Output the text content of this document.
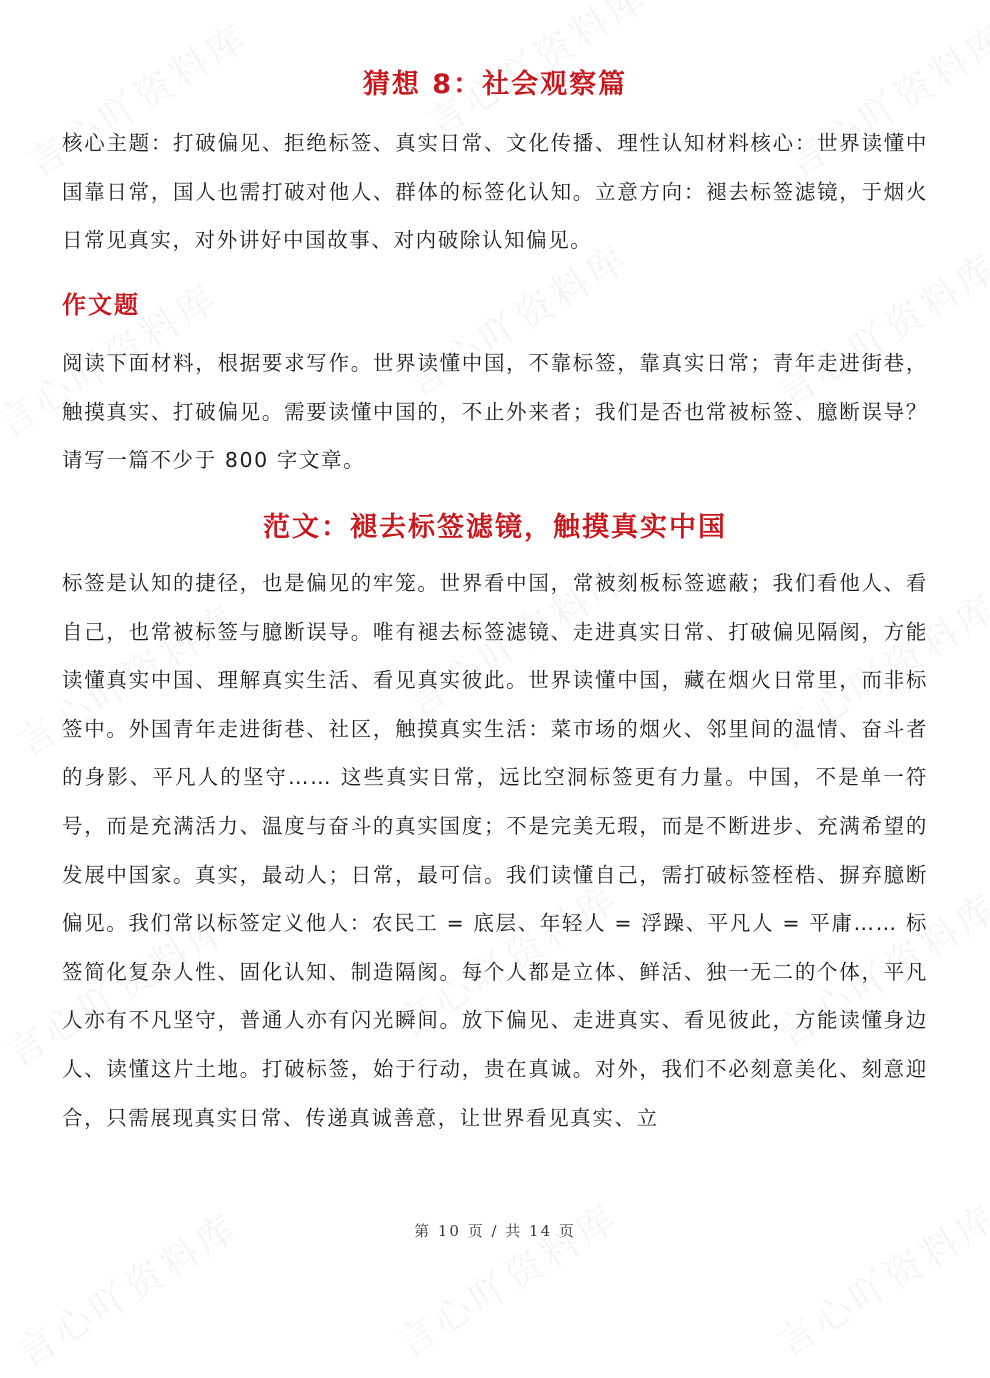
猜想 8：社会观察篇

核心主题：打破偏见、拒绝标签、真实日常、文化传播、理性认知材料核心：世界读懂中国靠日常，国人也需打破对他人、群体的标签化认知。立意方向：褪去标签滤镜，于烟火日常见真实，对外讲好中国故事、对内破除认知偏见。

作文题

阅读下面材料，根据要求写作。世界读懂中国，不靠标签，靠真实日常；青年走进街巷，触摸真实、打破偏见。需要读懂中国的，不止外来者；我们是否也常被标签、臆断误导？请写一篇不少于 800 字文章。

范文：褪去标签滤镜，触摸真实中国

标签是认知的捷径，也是偏见的牢笼。世界看中国，常被刻板标签遮蔽；我们看他人、看自己，也常被标签与臆断误导。唯有褪去标签滤镜、走进真实日常、打破偏见隔阂，方能读懂真实中国、理解真实生活、看见真实彼此。世界读懂中国，藏在烟火日常里，而非标签中。外国青年走进街巷、社区，触摸真实生活：菜市场的烟火、邻里间的温情、奋斗者的身影、平凡人的坚守…… 这些真实日常，远比空洞标签更有力量。中国，不是单一符号，而是充满活力、温度与奋斗的真实国度；不是完美无瑕，而是不断进步、充满希望的发展中国家。真实，最动人；日常，最可信。我们读懂自己，需打破标签桎梏、摒弃臆断偏见。我们常以标签定义他人：农民工 = 底层、年轻人 = 浮躁、平凡人 = 平庸…… 标签简化复杂人性、固化认知、制造隔阂。每个人都是立体、鲜活、独一无二的个体，平凡人亦有不凡坚守，普通人亦有闪光瞬间。放下偏见、走进真实、看见彼此，方能读懂身边人、读懂这片土地。打破标签，始于行动，贵在真诚。对外，我们不必刻意美化、刻意迎合，只需展现真实日常、传递真诚善意，让世界看见真实、立

第 10 页 / 共 14 页
